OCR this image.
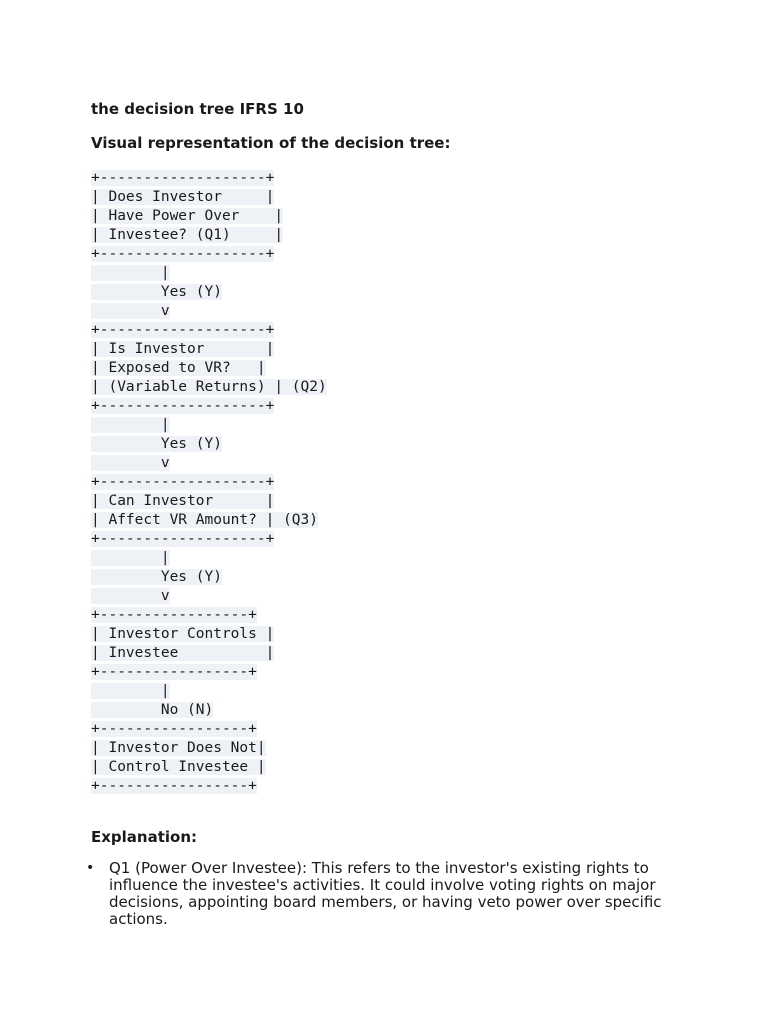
the decision tree IFRS 10

Visual representation of the decision tree:

+-------------------+
| Does Investor     |
| Have Power Over    |
| Investee? (Q1)     |
+-------------------+
|
Yes (Y)
v
+-------------------+
| Is Investor       |
| Exposed to VR?   |
| (Variable Returns) | (Q2)
+-------------------+
|
Yes (Y)
v
+-------------------+
| Can Investor      |
| Affect VR Amount? | (Q3)
+-------------------+
|
Yes (Y)
v
+-----------------+
| Investor Controls |
| Investee          |
+-----------------+
|
No (N)
+-----------------+
| Investor Does Not|
| Control Investee |
+-----------------+

Explanation:

• Q1 (Power Over Investee): This refers to the investor's existing rights to influence the investee's activities. It could involve voting rights on major decisions, appointing board members, or having veto power over specific actions.
